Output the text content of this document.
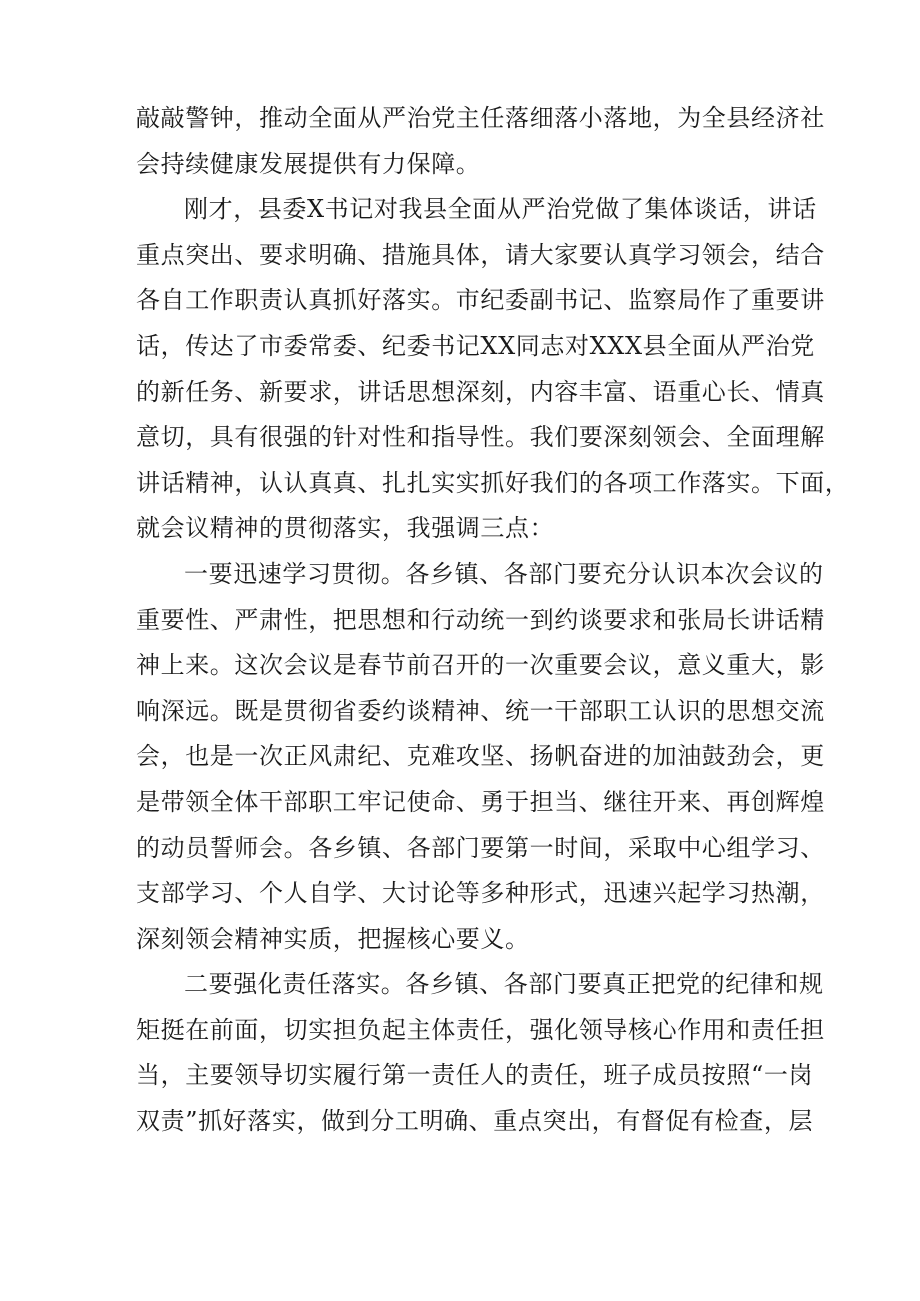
敲敲警钟，推动全面从严治党主任落细落小落地，为全县经济社
会持续健康发展提供有力保障。
刚才，县委X书记对我县全面从严治党做了集体谈话，讲话
重点突出、要求明确、措施具体，请大家要认真学习领会，结合
各自工作职责认真抓好落实。市纪委副书记、监察局作了重要讲
话，传达了市委常委、纪委书记XX同志对XXX县全面从严治党
的新任务、新要求，讲话思想深刻，内容丰富、语重心长、情真
意切，具有很强的针对性和指导性。我们要深刻领会、全面理解
讲话精神，认认真真、扎扎实实抓好我们的各项工作落实。下面，
就会议精神的贯彻落实，我强调三点：
一要迅速学习贯彻。各乡镇、各部门要充分认识本次会议的
重要性、严肃性，把思想和行动统一到约谈要求和张局长讲话精
神上来。这次会议是春节前召开的一次重要会议，意义重大，影
响深远。既是贯彻省委约谈精神、统一干部职工认识的思想交流
会，也是一次正风肃纪、克难攻坚、扬帆奋进的加油鼓劲会，更
是带领全体干部职工牢记使命、勇于担当、继往开来、再创辉煌
的动员誓师会。各乡镇、各部门要第一时间，采取中心组学习、
支部学习、个人自学、大讨论等多种形式，迅速兴起学习热潮，
深刻领会精神实质，把握核心要义。
二要强化责任落实。各乡镇、各部门要真正把党的纪律和规
矩挺在前面，切实担负起主体责任，强化领导核心作用和责任担
当，主要领导切实履行第一责任人的责任，班子成员按照“一岗
双责”抓好落实，做到分工明确、重点突出，有督促有检查，层
